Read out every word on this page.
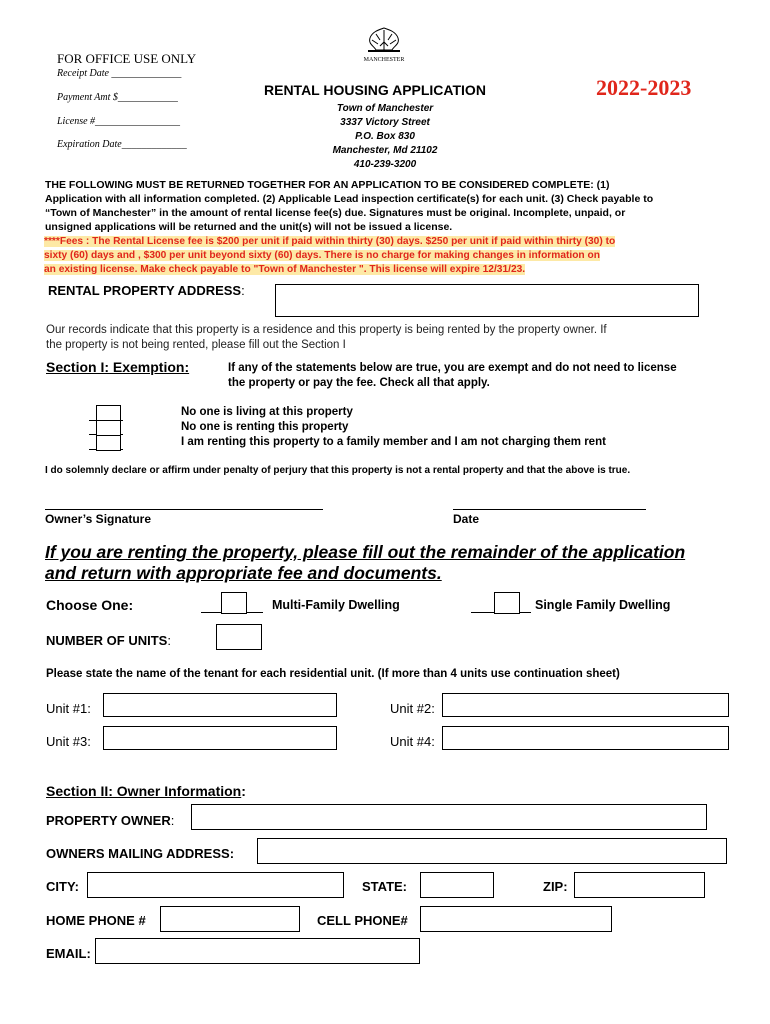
FOR OFFICE USE ONLY
Receipt Date ______________
Payment Amt $____________
License #_________________
Expiration Date_____________
MANCHESTER
RENTAL HOUSING APPLICATION	2022-2023
Town of Manchester
3337 Victory Street
P.O. Box 830
Manchester, Md 21102
410-239-3200
THE FOLLOWING MUST BE RETURNED TOGETHER FOR AN APPLICATION TO BE CONSIDERED COMPLETE: (1)
Application with all information completed. (2) Applicable Lead inspection certificate(s) for each unit. (3) Check payable to
“Town of Manchester” in the amount of rental license fee(s) due. Signatures must be original. Incomplete, unpaid, or
unsigned applications will be returned and the unit(s) will not be issued a license.
****Fees : The Rental License fee is $200 per unit if paid within thirty (30) days. $250 per unit if paid within thirty (30) to
sixty (60) days and , $300 per unit beyond sixty (60) days. There is no charge for making changes in information on
an existing license. Make check payable to "Town of Manchester ". This license will expire 12/31/23.
RENTAL PROPERTY ADDRESS:
Our records indicate that this property is a residence and this property is being rented by the property owner. If
the property is not being rented, please fill out the Section I
Section I: Exemption:	If any of the statements below are true, you are exempt and do not need to license
the property or pay the fee. Check all that apply.
No one is living at this property
No one is renting this property
I am renting this property to a family member and I am not charging them rent
I do solemnly declare or affirm under penalty of perjury that this property is not a rental property and that the above is true.
Owner’s Signature	Date
If you are renting the property, please fill out the remainder of the application
and return with appropriate fee and documents.
Choose One:	Multi-Family Dwelling	Single Family Dwelling
NUMBER OF UNITS:
Please state the name of the tenant for each residential unit. (If more than 4 units use continuation sheet)
Unit #1:	Unit #2:
Unit #3:	Unit #4:
Section II: Owner Information:
PROPERTY OWNER:
OWNERS MAILING ADDRESS:
CITY:	STATE:	ZIP:
HOME PHONE #	CELL PHONE#
EMAIL:
